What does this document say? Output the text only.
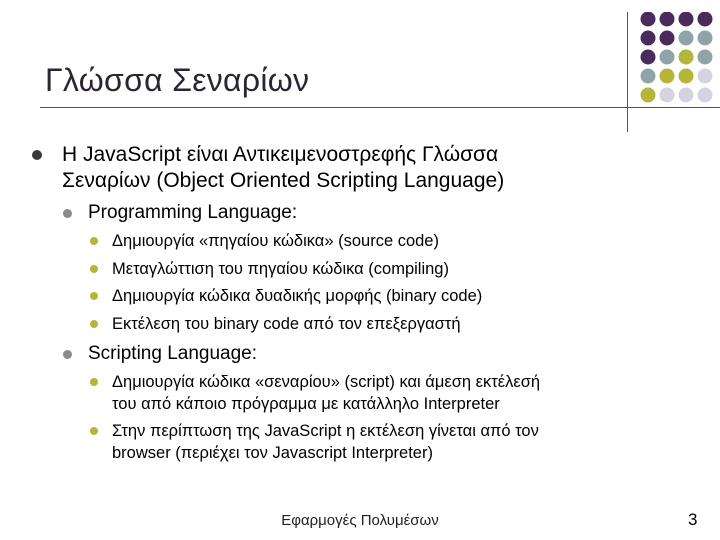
Γλώσσα Σεναρίων
Η JavaScript είναι Αντικειμενοστρεφής Γλώσσα
Σεναρίων (Object Oriented Scripting Language)
Programming Language:
Δημιουργία «πηγαίου κώδικα» (source code)
Μεταγλώττιση του πηγαίου κώδικα (compiling)
Δημιουργία κώδικα δυαδικής μορφής (binary code)
Εκτέλεση του binary code από τον επεξεργαστή
Scripting Language:
Δημιουργία κώδικα «σεναρίου» (script) και άμεση εκτέλεσή
του από κάποιο πρόγραμμα με κατάλληλο Interpreter
Στην περίπτωση της JavaScript η εκτέλεση γίνεται από τον
browser (περιέχει τον Javascript Interpreter)
Εφαρμογές Πολυμέσων	3
